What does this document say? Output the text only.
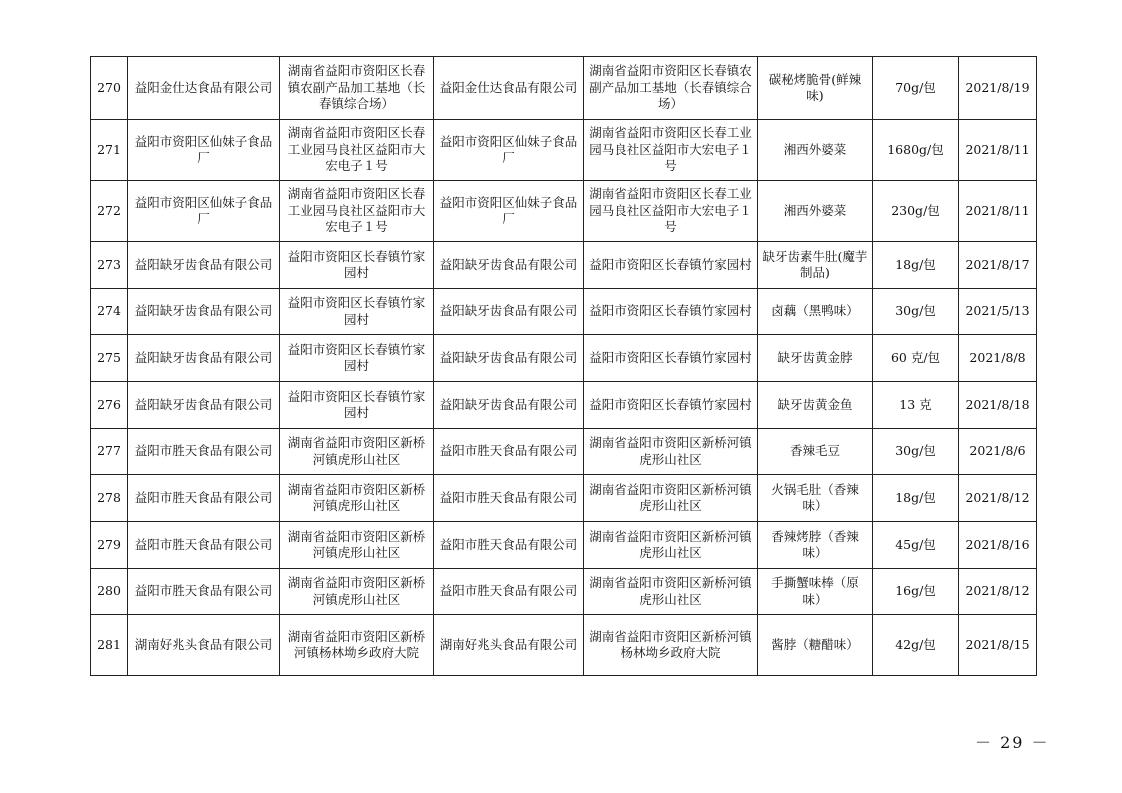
270	益阳金仕达食品有限公司	湖南省益阳市资阳区长春镇农副产品加工基地（长春镇综合场）	益阳金仕达食品有限公司	湖南省益阳市资阳区长春镇农副产品加工基地（长春镇综合场）	碳秘烤脆骨(鲜辣味)	70g/包	2021/8/19
271	益阳市资阳区仙妹子食品厂	湖南省益阳市资阳区长春工业园马良社区益阳市大宏电子１号	益阳市资阳区仙妹子食品厂	湖南省益阳市资阳区长春工业园马良社区益阳市大宏电子１号	湘西外婆菜	1680g/包	2021/8/11
272	益阳市资阳区仙妹子食品厂	湖南省益阳市资阳区长春工业园马良社区益阳市大宏电子１号	益阳市资阳区仙妹子食品厂	湖南省益阳市资阳区长春工业园马良社区益阳市大宏电子１号	湘西外婆菜	230g/包	2021/8/11
273	益阳缺牙齿食品有限公司	益阳市资阳区长春镇竹家园村	益阳缺牙齿食品有限公司	益阳市资阳区长春镇竹家园村	缺牙齿素牛肚(魔芋制品)	18g/包	2021/8/17
274	益阳缺牙齿食品有限公司	益阳市资阳区长春镇竹家园村	益阳缺牙齿食品有限公司	益阳市资阳区长春镇竹家园村	卤藕（黑鸭味）	30g/包	2021/5/13
275	益阳缺牙齿食品有限公司	益阳市资阳区长春镇竹家园村	益阳缺牙齿食品有限公司	益阳市资阳区长春镇竹家园村	缺牙齿黄金脖	60 克/包	2021/8/8
276	益阳缺牙齿食品有限公司	益阳市资阳区长春镇竹家园村	益阳缺牙齿食品有限公司	益阳市资阳区长春镇竹家园村	缺牙齿黄金鱼	13 克	2021/8/18
277	益阳市胜天食品有限公司	湖南省益阳市资阳区新桥河镇虎形山社区	益阳市胜天食品有限公司	湖南省益阳市资阳区新桥河镇虎形山社区	香辣毛豆	30g/包	2021/8/6
278	益阳市胜天食品有限公司	湖南省益阳市资阳区新桥河镇虎形山社区	益阳市胜天食品有限公司	湖南省益阳市资阳区新桥河镇虎形山社区	火锅毛肚（香辣味）	18g/包	2021/8/12
279	益阳市胜天食品有限公司	湖南省益阳市资阳区新桥河镇虎形山社区	益阳市胜天食品有限公司	湖南省益阳市资阳区新桥河镇虎形山社区	香辣烤脖（香辣味）	45g/包	2021/8/16
280	益阳市胜天食品有限公司	湖南省益阳市资阳区新桥河镇虎形山社区	益阳市胜天食品有限公司	湖南省益阳市资阳区新桥河镇虎形山社区	手撕蟹味棒（原味）	16g/包	2021/8/12
281	湖南好兆头食品有限公司	湖南省益阳市资阳区新桥河镇杨林坳乡政府大院	湖南好兆头食品有限公司	湖南省益阳市资阳区新桥河镇杨林坳乡政府大院	酱脖（糖醋味）	42g/包	2021/8/15
－ 29 －
